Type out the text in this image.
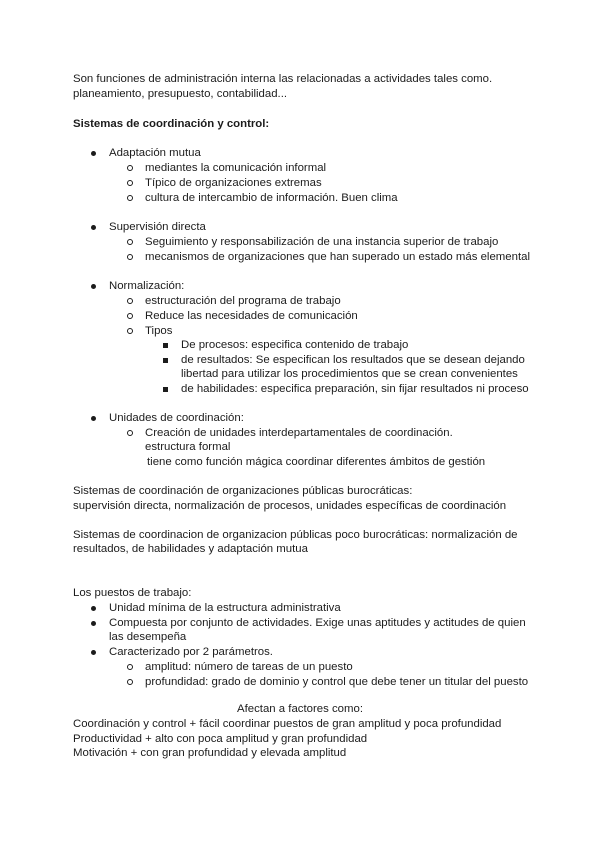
Son funciones de administración interna las relacionadas a actividades tales como.
planeamiento, presupuesto, contabilidad...
Sistemas de coordinación y control:
Adaptación mutua
mediantes la comunicación informal
Típico de organizaciones extremas
cultura de intercambio de información. Buen clima
Supervisión directa
Seguimiento y responsabilización de una instancia superior de trabajo
mecanismos de organizaciones que han superado un estado más elemental
Normalización:
estructuración del programa de trabajo
Reduce las necesidades de comunicación
Tipos
De procesos: especifica contenido de trabajo
de resultados: Se especifican los resultados que se desean dejando
libertad para utilizar los procedimientos que se crean convenientes
de habilidades: especifica preparación, sin fijar resultados ni proceso
Unidades de coordinación:
Creación de unidades interdepartamentales de coordinación.
estructura formal
tiene como función mágica coordinar diferentes ámbitos de gestión
Sistemas de coordinación de organizaciones públicas burocráticas:
supervisión directa, normalización de procesos, unidades específicas de coordinación
Sistemas de coordinacion de organizacion públicas poco burocráticas: normalización de
resultados, de habilidades y adaptación mutua
Los puestos de trabajo:
Unidad mínima de la estructura administrativa
Compuesta por conjunto de actividades. Exige unas aptitudes y actitudes de quien
las desempeña
Caracterizado por 2 parámetros.
amplitud: número de tareas de un puesto
profundidad: grado de dominio y control que debe tener un titular del puesto
Afectan a factores como:
Coordinación y control + fácil coordinar puestos de gran amplitud y poca profundidad
Productividad + alto con poca amplitud y gran profundidad
Motivación + con gran profundidad y elevada amplitud
